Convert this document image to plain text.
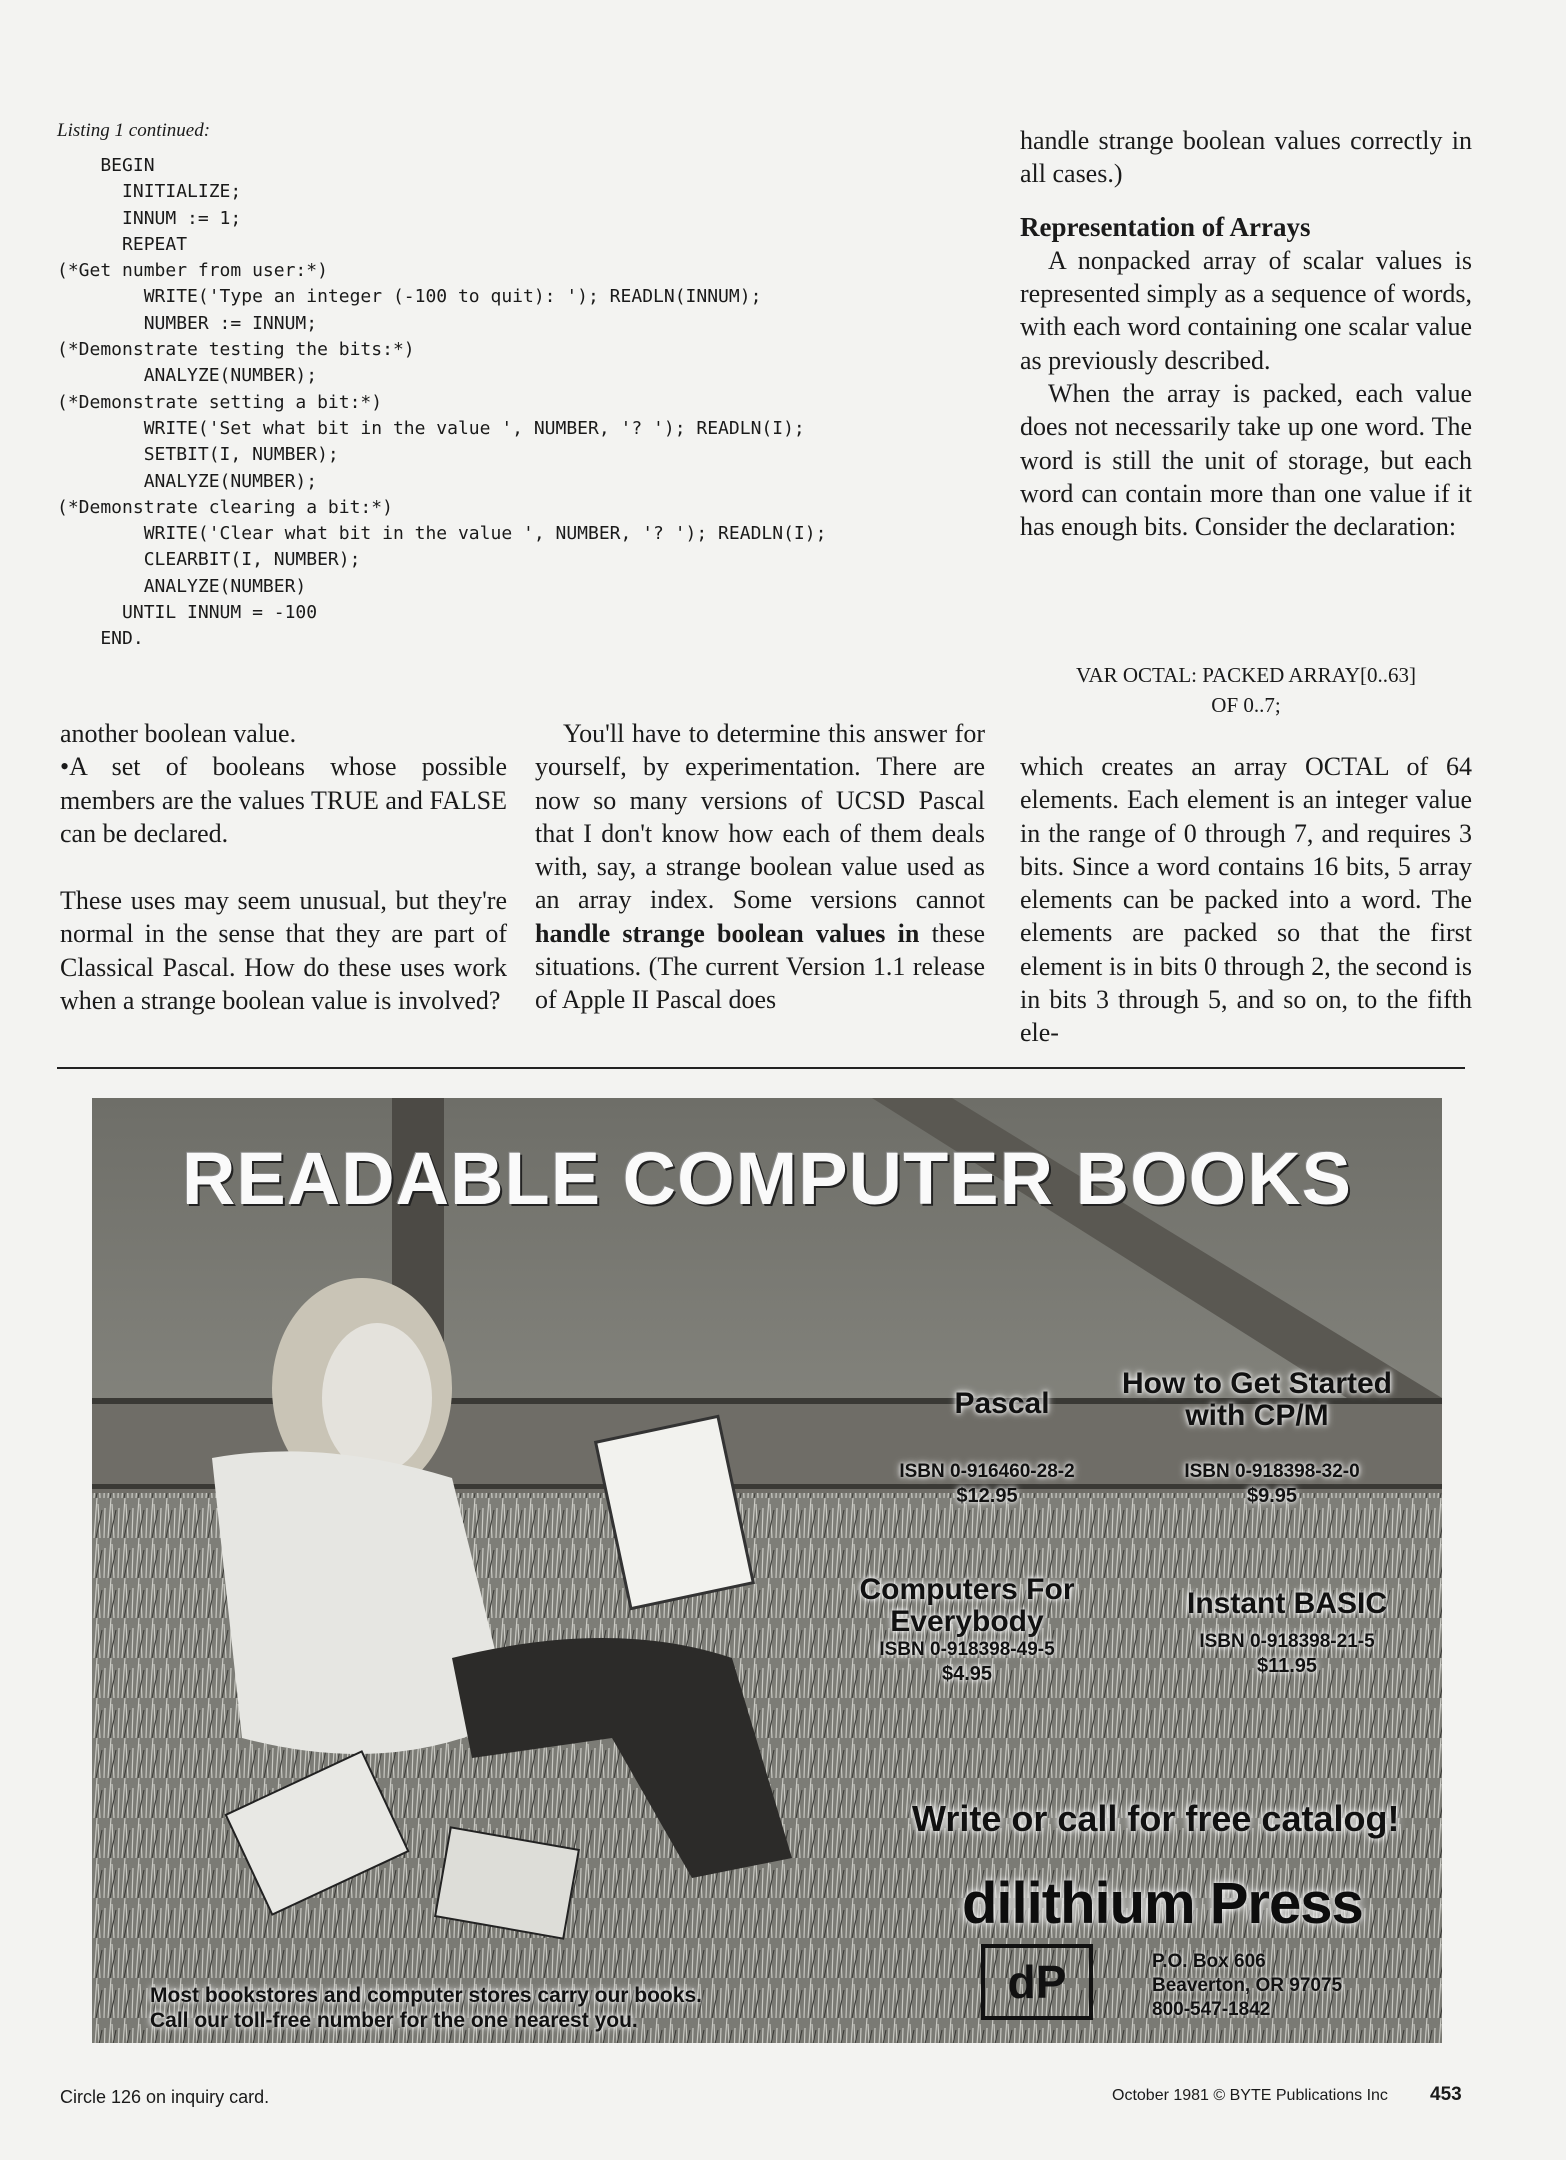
Listing 1 continued:
BEGIN
INITIALIZE;
INNUM := 1;
REPEAT
(*Get number from user:*)
WRITE('Type an integer (-100 to quit): '); READLN(INNUM);
NUMBER := INNUM;
(*Demonstrate testing the bits:*)
ANALYZE(NUMBER);
(*Demonstrate setting a bit:*)
WRITE('Set what bit in the value ', NUMBER, '? '); READLN(I);
SETBIT(I, NUMBER);
ANALYZE(NUMBER);
(*Demonstrate clearing a bit:*)
WRITE('Clear what bit in the value ', NUMBER, '? '); READLN(I);
CLEARBIT(I, NUMBER);
ANALYZE(NUMBER)
UNTIL INNUM = -100
END.

handle strange boolean values correctly in all cases.)

Representation of Arrays

A nonpacked array of scalar values is represented simply as a sequence of words, with each word containing one scalar value as previously described.

When the array is packed, each value does not necessarily take up one word. The word is still the unit of storage, but each word can contain more than one value if it has enough bits. Consider the declaration:

VAR OCTAL: PACKED ARRAY[0..63]
OF 0..7;

another boolean value.

•A set of booleans whose possible members are the values TRUE and FALSE can be declared.

These uses may seem unusual, but they're normal in the sense that they are part of Classical Pascal. How do these uses work when a strange boolean value is involved?

You'll have to determine this answer for yourself, by experimentation. There are now so many versions of UCSD Pascal that I don't know how each of them deals with, say, a strange boolean value used as an array index. Some versions cannot handle strange boolean values in these situations. (The current Version 1.1 release of Apple II Pascal does

which creates an array OCTAL of 64 elements. Each element is an integer value in the range of 0 through 7, and requires 3 bits. Since a word contains 16 bits, 5 array elements can be packed into a word. The elements are packed so that the first element is in bits 0 through 2, the second is in bits 3 through 5, and so on, to the fifth ele-

READABLE COMPUTER BOOKS
Pascal
ISBN 0-916460-28-2
$12.95
How to Get Started with CP/M
ISBN 0-918398-32-0
$9.95
Computers For Everybody
ISBN 0-918398-49-5
$4.95
Instant BASIC
ISBN 0-918398-21-5
$11.95
Write or call for free catalog!
dilithium Press
dP	P.O. Box 606
Beaverton, OR 97075
800-547-1842
Most bookstores and computer stores carry our books.
Call our toll-free number for the one nearest you.
Circle 126 on inquiry card.	October 1981 © BYTE Publications Inc 453
